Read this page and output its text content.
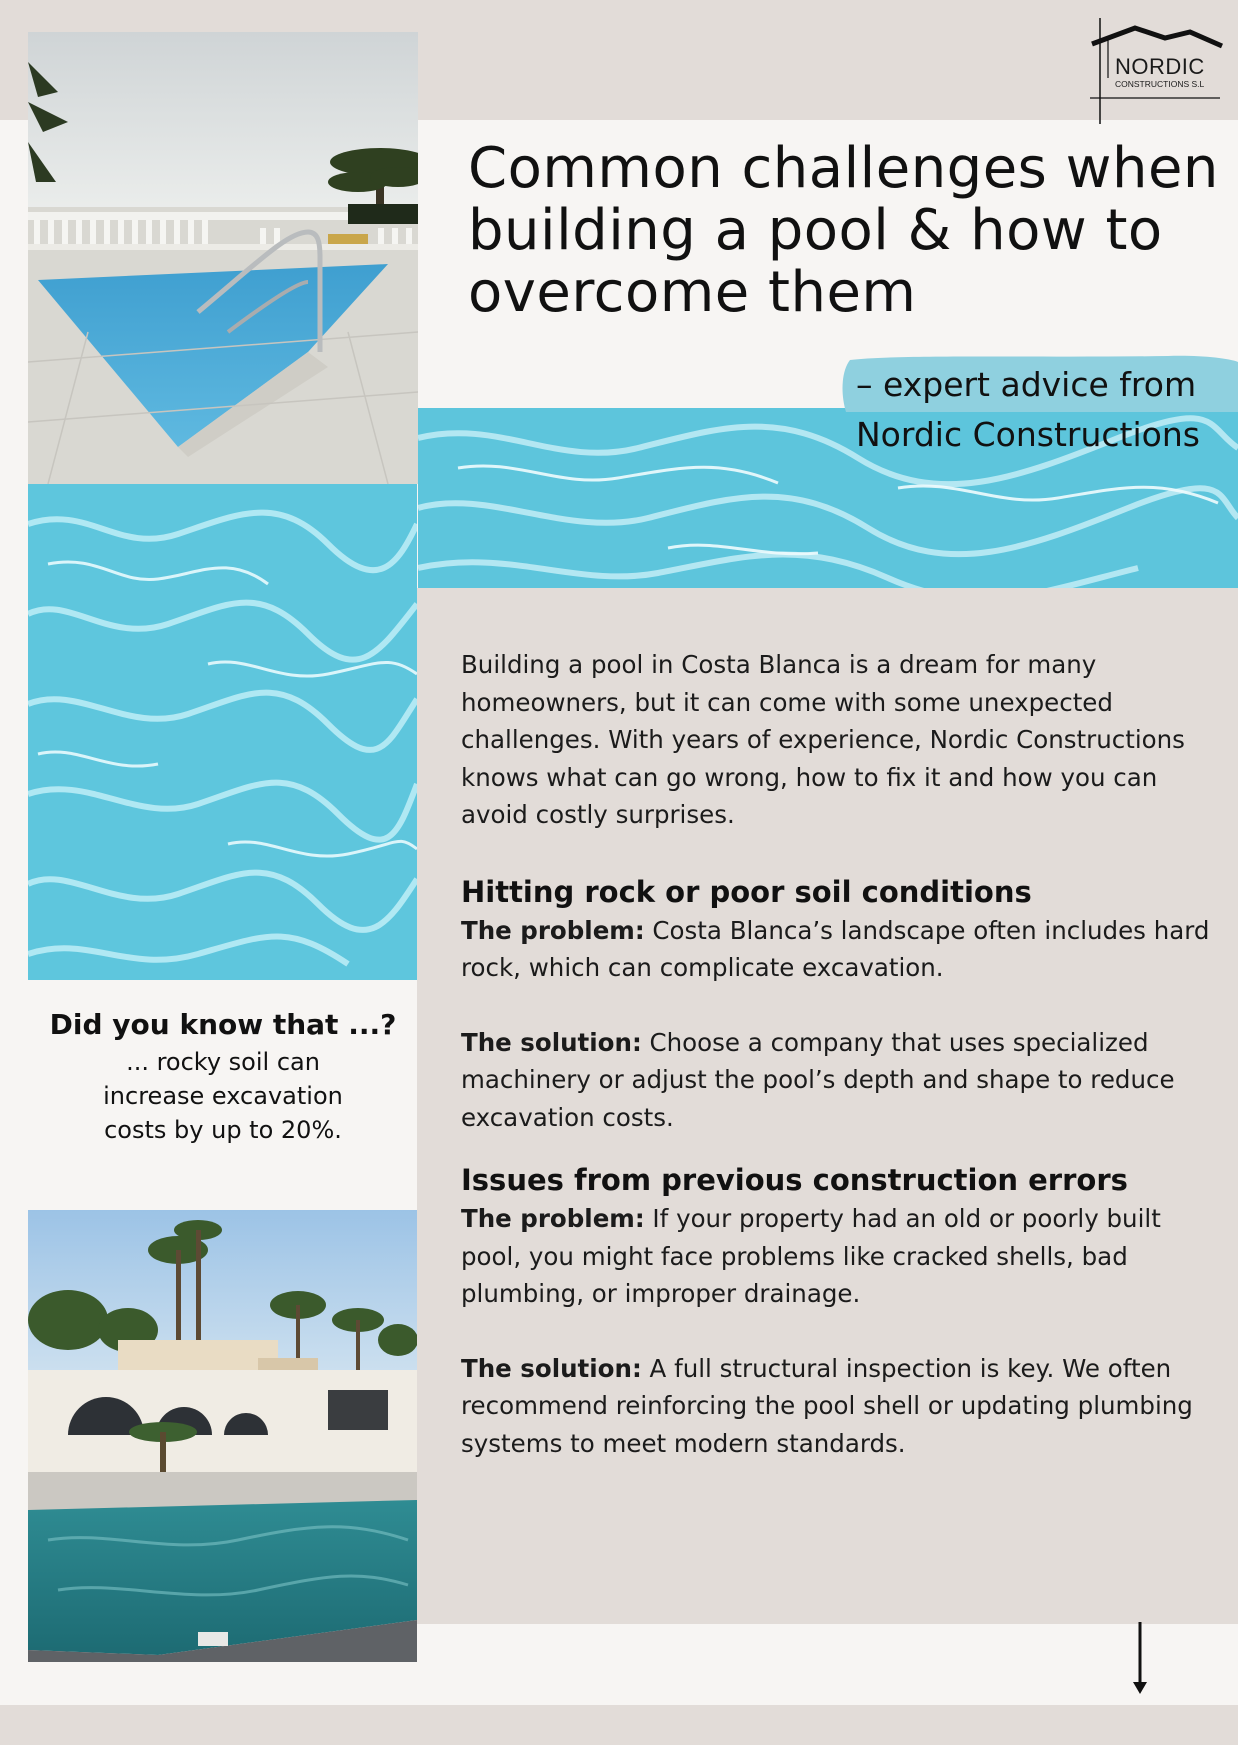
NORDIC
CONSTRUCTIONS S.L
Common challenges when building a pool & how to overcome them
– expert advice from Nordic Constructions

Building a pool in Costa Blanca is a dream for many homeowners, but it can come with some unexpected challenges. With years of experience, Nordic Constructions knows what can go wrong, how to fix it and how you can avoid costly surprises.

Hitting rock or poor soil conditions

The problem: Costa Blanca’s landscape often includes hard rock, which can complicate excavation.

The solution: Choose a company that uses specialized machinery or adjust the pool’s depth and shape to reduce excavation costs.

Issues from previous construction errors

The problem: If your property had an old or poorly built pool, you might face problems like cracked shells, bad plumbing, or improper drainage.

The solution: A full structural inspection is key. We often recommend reinforcing the pool shell or updating plumbing systems to meet modern standards.

Did you know that ...?
... rocky soil can increase excavation costs by up to 20%.
